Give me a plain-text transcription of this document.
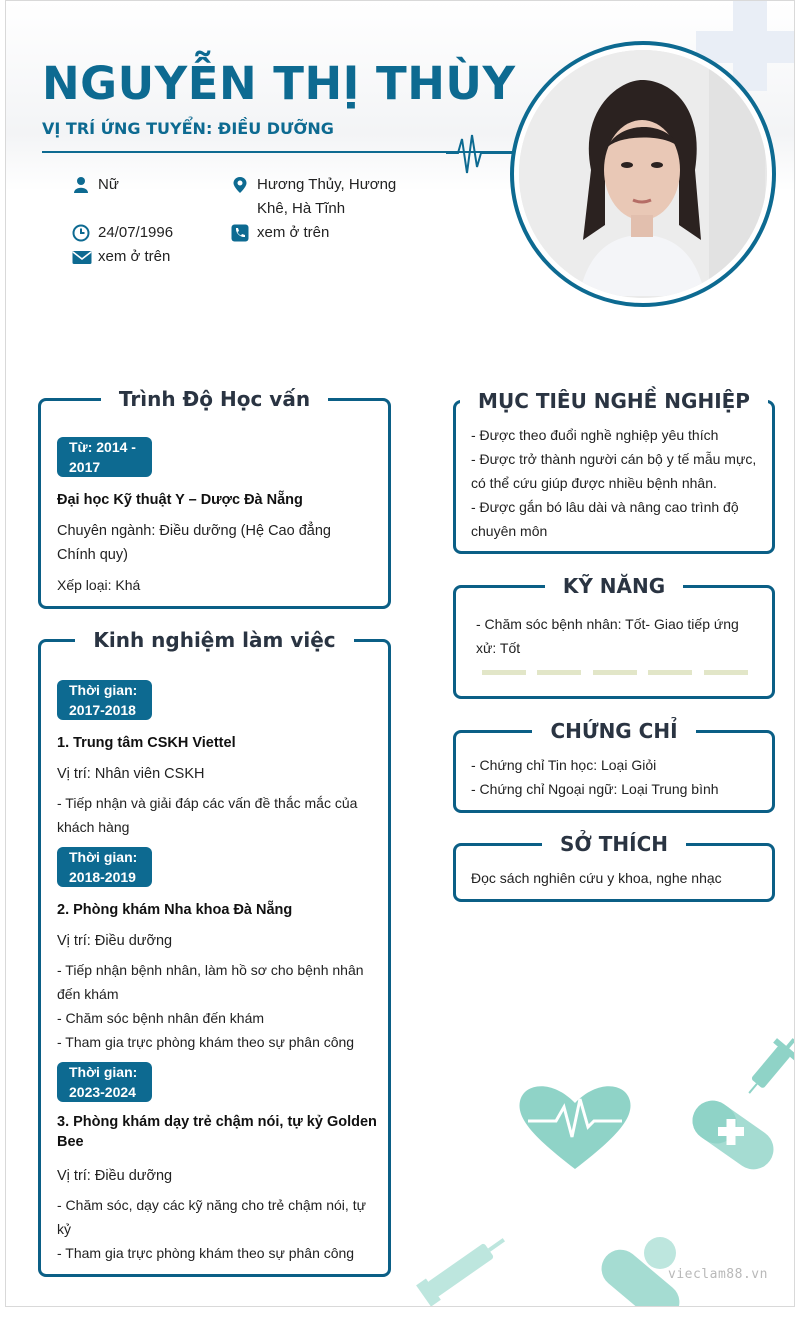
NGUYỄN THỊ THÙY
VỊ TRÍ ỨNG TUYỂN: ĐIỀU DƯỠNG
Nữ	Hương Thủy, Hương
Khê, Hà Tĩnh
24/07/1996	xem ở trên
xem ở trên
Trình Độ Học vấn
Từ: 2014 -
2017
Đại học Kỹ thuật Y – Dược Đà Nẵng
Chuyên ngành: Điều dưỡng (Hệ Cao đẳng
Chính quy)
Xếp loại: Khá
Kinh nghiệm làm việc
Thời gian:
2017-2018
1. Trung tâm CSKH Viettel
Vị trí: Nhân viên CSKH
- Tiếp nhận và giải đáp các vấn đề thắc mắc của
khách hàng
Thời gian:
2018-2019
2. Phòng khám Nha khoa Đà Nẵng
Vị trí: Điều dưỡng
- Tiếp nhận bệnh nhân, làm hồ sơ cho bệnh nhân
đến khám
- Chăm sóc bệnh nhân đến khám
- Tham gia trực phòng khám theo sự phân công
Thời gian:
2023-2024
3. Phòng khám dạy trẻ chậm nói, tự kỷ Golden
Bee
Vị trí: Điều dưỡng
- Chăm sóc, dạy các kỹ năng cho trẻ chậm nói, tự
kỷ
- Tham gia trực phòng khám theo sự phân công
MỤC TIÊU NGHỀ NGHIỆP
- Được theo đuổi nghề nghiệp yêu thích
- Được trở thành người cán bộ y tế mẫu mực,
có thể cứu giúp được nhiều bệnh nhân.
- Được gắn bó lâu dài và nâng cao trình độ
chuyên môn
KỸ NĂNG
- Chăm sóc bệnh nhân: Tốt- Giao tiếp ứng
xử: Tốt
CHỨNG CHỈ
- Chứng chỉ Tin học: Loại Giỏi
- Chứng chỉ Ngoại ngữ: Loại Trung bình
SỞ THÍCH
Đọc sách nghiên cứu y khoa, nghe nhạc
vieclam88.vn
